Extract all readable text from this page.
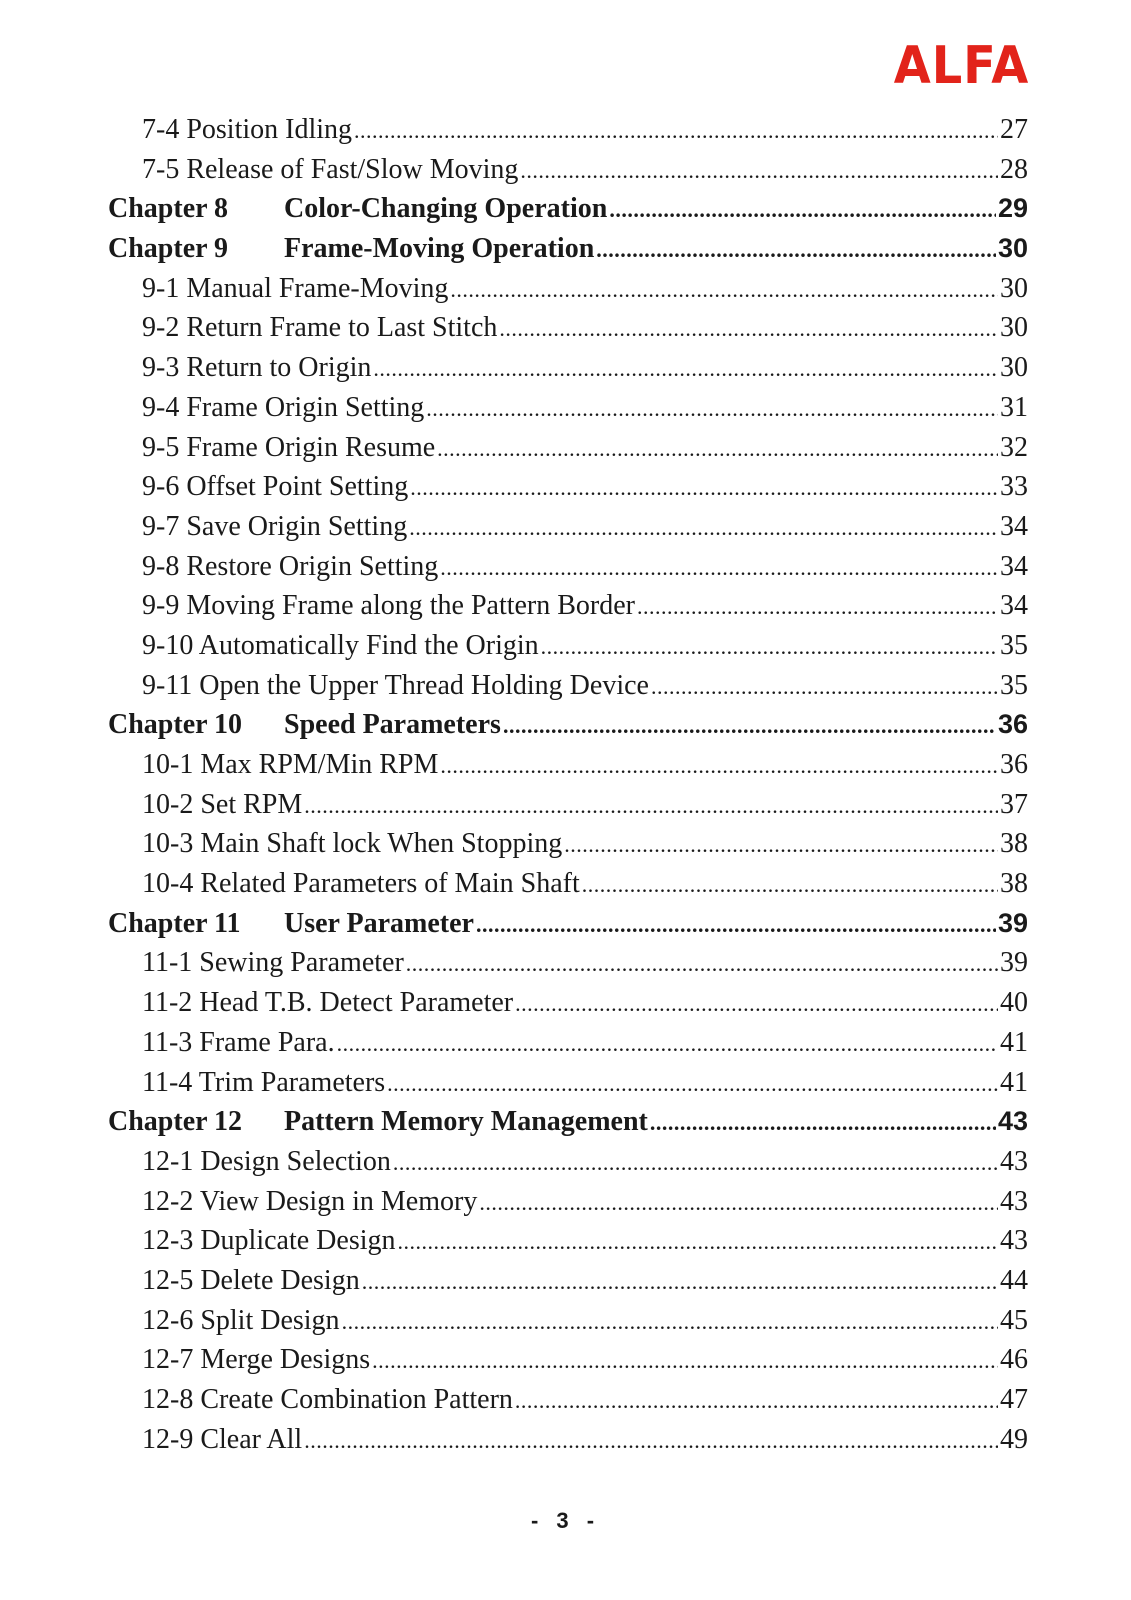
ALFA
7-4 Position Idling .....	27
7-5 Release of Fast/Slow Moving .....	28
Chapter 8	Color-Changing Operation .....	29
Chapter 9	Frame-Moving Operation .....	30
9-1 Manual Frame-Moving .....	30
9-2 Return Frame to Last Stitch .....	30
9-3 Return to Origin .....	30
9-4 Frame Origin Setting .....	31
9-5 Frame Origin Resume .....	32
9-6 Offset Point Setting .....	33
9-7 Save Origin Setting .....	34
9-8 Restore Origin Setting .....	34
9-9 Moving Frame along the Pattern Border .....	34
9-10 Automatically Find the Origin .....	35
9-11 Open the Upper Thread Holding Device .....	35
Chapter 10	Speed Parameters .....	36
10-1 Max RPM/Min RPM .....	36
10-2 Set RPM .....	37
10-3 Main Shaft lock When Stopping .....	38
10-4 Related Parameters of Main Shaft .....	38
Chapter 11	User Parameter .....	39
11-1 Sewing Parameter .....	39
11-2 Head T.B. Detect Parameter .....	40
11-3 Frame Para. .....	41
11-4 Trim Parameters .....	41
Chapter 12	Pattern Memory Management .....	43
12-1 Design Selection .....	43
12-2 View Design in Memory .....	43
12-3 Duplicate Design .....	43
12-5 Delete Design .....	44
12-6 Split Design .....	45
12-7 Merge Designs .....	46
12-8 Create Combination Pattern .....	47
12-9 Clear All .....	49
- 3 -
